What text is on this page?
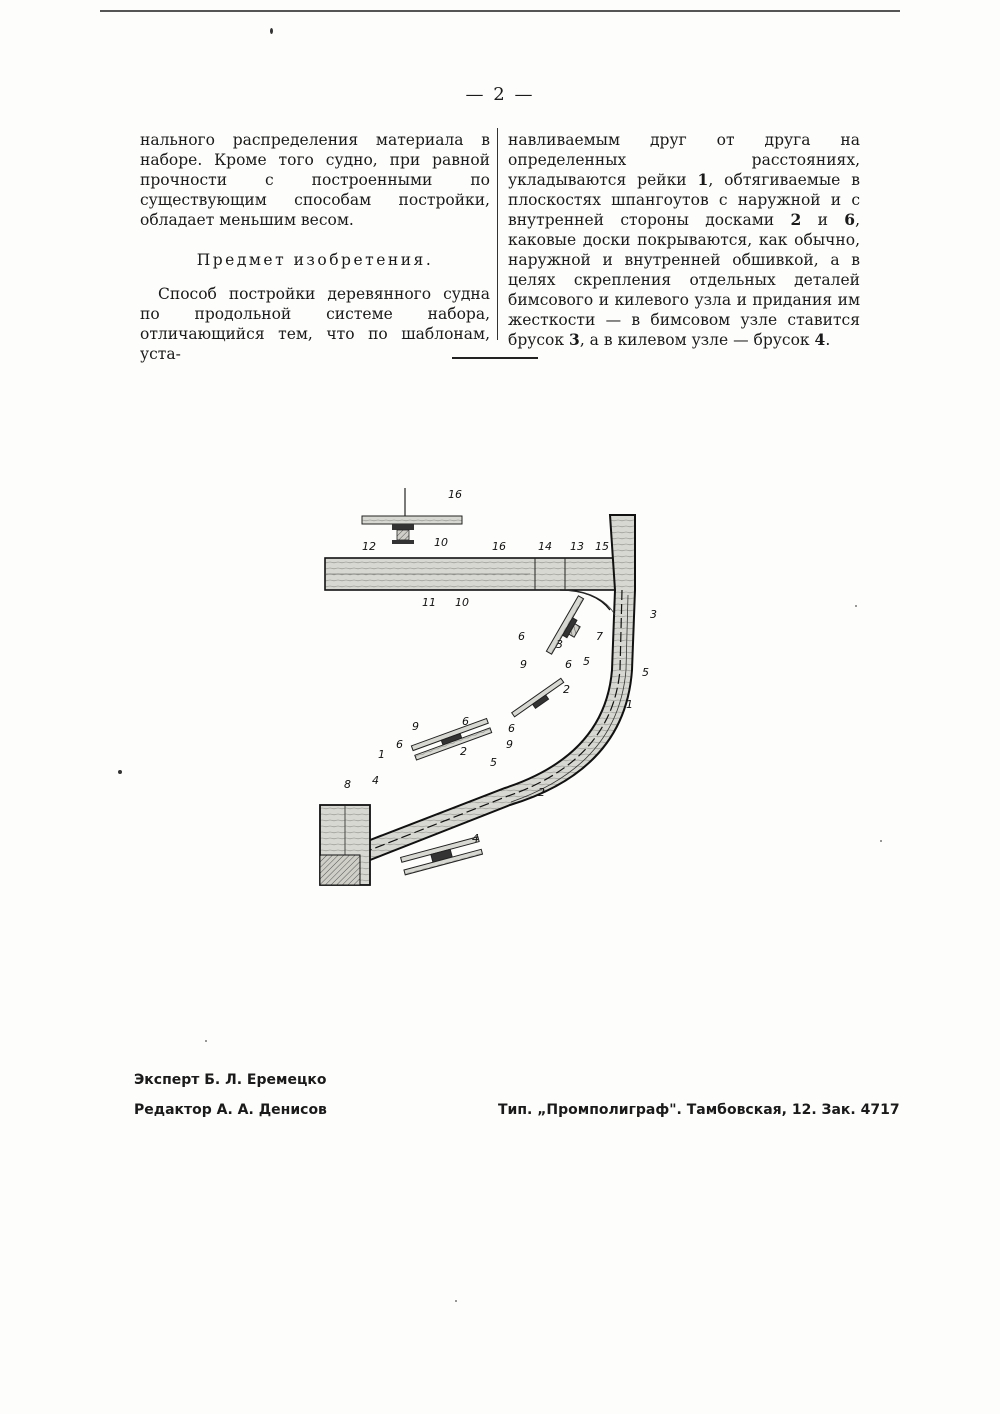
— 2 —

нального распределения материала в наборе. Кроме того судно, при равной прочности с построенными по существующим способам постройки, обладает меньшим весом.

Предмет изобретения.

Способ постройки деревянного судна по продольной системе набора, отличающийся тем, что по шаблонам, уста-

навливаемым друг от друга на определенных расстояниях, укладываются рейки 1, обтягиваемые в плоскостях шпангоутов с наружной и с внутренней стороны досками 2 и 6, каковые доски покрываются, как обычно, наружной и внутренней обшивкой, а в целях скрепления отдельных деталей бимсового и килевого узла и придания им жесткости — в бимсовом узле ставится брусок 3, а в килевом узле — брусок 4.

16
10
12	16	14 13 15
11 10
3
6
3
7
6 5
5
9
2
1
6
9
9
6
2
1
6
5
2
8 4
4
Эксперт Б. Л. Еремецко
Редактор А. А. Денисов	Тип. „Промполиграф". Тамбовская, 12. Зак. 4717
